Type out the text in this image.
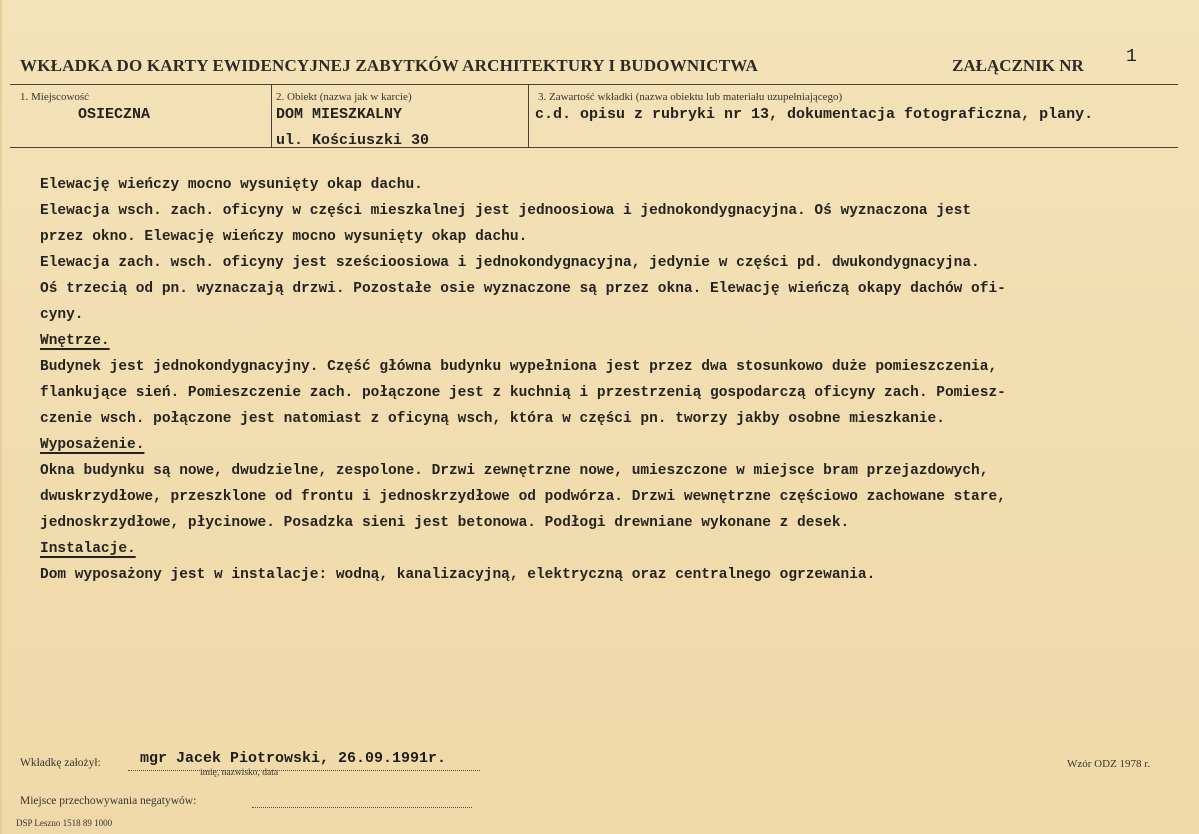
WKŁADKA DO KARTY EWIDENCYJNEJ ZABYTKÓW ARCHITEKTURY I BUDOWNICTWA	ZAŁĄCZNIK NR 1
1. Miejscowość
OSIECZNA
2. Obiekt (nazwa jak w karcie)
DOM MIESZKALNY
ul. Kościuszki 30
3. Zawartość wkładki (nazwa obiektu lub materiału uzupełniającego)
c.d. opisu z rubryki nr 13, dokumentacja fotograficzna, plany.
Elewację wieńczy mocno wysunięty okap dachu.
Elewacja wsch. zach. oficyny w części mieszkalnej jest jednoosiowa i jednokondygnacyjna. Oś wyznaczona jest
przez okno. Elewację wieńczy mocno wysunięty okap dachu.
Elewacja zach. wsch. oficyny jest sześcioosiowa i jednokondygnacyjna, jedynie w części pd. dwukondygnacyjna.
Oś trzecią od pn. wyznaczają drzwi. Pozostałe osie wyznaczone są przez okna. Elewację wieńczą okapy dachów ofi-
cyny.
Wnętrze.
Budynek jest jednokondygnacyjny. Część główna budynku wypełniona jest przez dwa stosunkowo duże pomieszczenia,
flankujące sień. Pomieszczenie zach. połączone jest z kuchnią i przestrzenią gospodarczą oficyny zach. Pomiesz-
czenie wsch. połączone jest natomiast z oficyną wsch, która w części pn. tworzy jakby osobne mieszkanie.
Wyposażenie.
Okna budynku są nowe, dwudzielne, zespolone. Drzwi zewnętrzne nowe, umieszczone w miejsce bram przejazdowych,
dwuskrzydłowe, przeszklone od frontu i jednoskrzydłowe od podwórza. Drzwi wewnętrzne częściowo zachowane stare,
jednoskrzydłowe, płycinowe. Posadzka sieni jest betonowa. Podłogi drewniane wykonane z desek.
Instalacje.
Dom wyposażony jest w instalacje: wodną, kanalizacyjną, elektryczną oraz centralnego ogrzewania.
Wkładkę założył:	mgr Jacek Piotrowski, 26.09.1991r.
imię, nazwisko, data
Wzór ODZ 1978 r.
Miejsce przechowywania negatywów:
DSP Leszno 1518 89 1000
